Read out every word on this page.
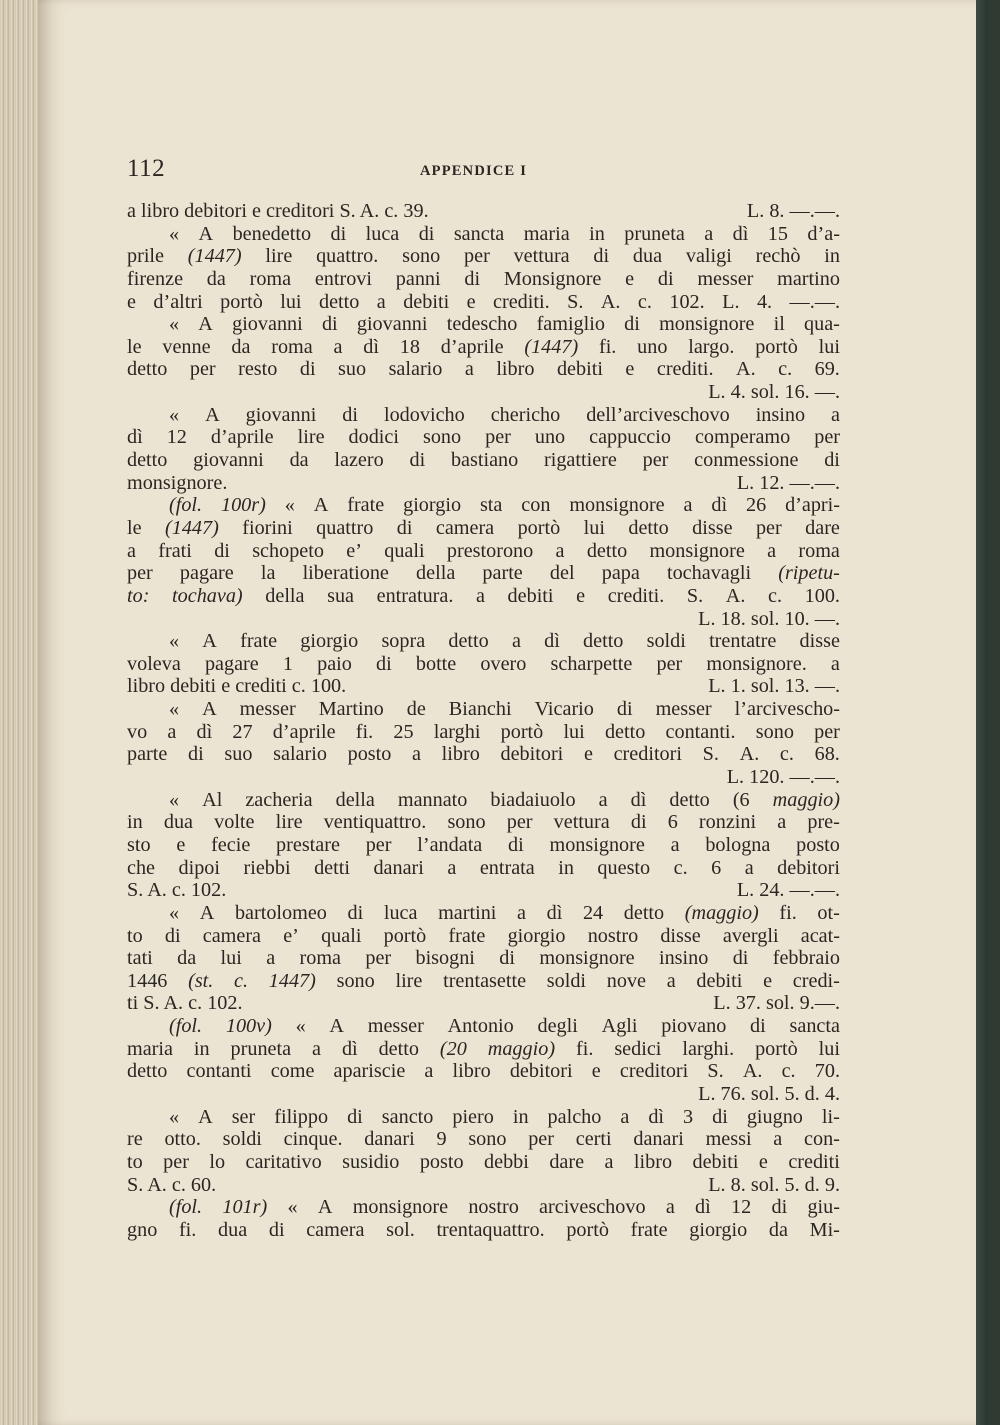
112	APPENDICE I
a libro debitori e creditori S. A. c. 39.	L. 8. —.—.
« A benedetto di luca di sancta maria in pruneta a dì 15 d’a-
prile (1447) lire quattro. sono per vettura di dua valigi rechò in
firenze da roma entrovi panni di Monsignore e di messer martino
e d’altri portò lui detto a debiti e crediti. S. A. c. 102. L. 4. —.—.
« A giovanni di giovanni tedescho famiglio di monsignore il qua-
le venne da roma a dì 18 d’aprile (1447) fi. uno largo. portò lui
detto per resto di suo salario a libro debiti e crediti. A. c. 69.
L. 4. sol. 16. —.
« A giovanni di lodovicho chericho dell’arciveschovo insino a
dì 12 d’aprile lire dodici sono per uno cappuccio comperamo per
detto giovanni da lazero di bastiano rigattiere per conmessione di
monsignore.	L. 12. —.—.
(fol. 100r) « A frate giorgio sta con monsignore a dì 26 d’apri-
le (1447) fiorini quattro di camera portò lui detto disse per dare
a frati di schopeto e’ quali prestorono a detto monsignore a roma
per pagare la liberatione della parte del papa tochavagli (ripetu-
to: tochava) della sua entratura. a debiti e crediti. S. A. c. 100.
L. 18. sol. 10. —.
« A frate giorgio sopra detto a dì detto soldi trentatre disse
voleva pagare 1 paio di botte overo scharpette per monsignore. a
libro debiti e crediti c. 100.	L. 1. sol. 13. —.
« A messer Martino de Bianchi Vicario di messer l’arciveschо-
vo a dì 27 d’aprile fi. 25 larghi portò lui detto contanti. sono per
parte di suo salario posto a libro debitori e creditori S. A. c. 68.
L. 120. —.—.
« Al zacheria della mannato biadaiuolo a dì detto (6 maggio)
in dua volte lire ventiquattro. sono per vettura di 6 ronzini a pre-
sto e fecie prestare per l’andata di monsignore a bologna posto
che dipoi riebbi detti danari a entrata in questo c. 6 a debitori
S. A. c. 102.	L. 24. —.—.
« A bartolomeo di luca martini a dì 24 detto (maggio) fi. ot-
to di camera e’ quali portò frate giorgio nostro disse avergli acat-
tati da lui a roma per bisogni di monsignore insino di febbraio
1446 (st. c. 1447) sono lire trentasette soldi nove a debiti e credi-
ti S. A. c. 102.	L. 37. sol. 9.—.
(fol. 100v) « A messer Antonio degli Agli piovano di sancta
maria in pruneta a dì detto (20 maggio) fi. sedici larghi. portò lui
detto contanti come apariscie a libro debitori e creditori S. A. c. 70.
L. 76. sol. 5. d. 4.
« A ser filippo di sancto piero in palcho a dì 3 di giugno li-
re otto. soldi cinque. danari 9 sono per certi danari messi a con-
to per lo caritativo susidio posto debbi dare a libro debiti e crediti
S. A. c. 60.	L. 8. sol. 5. d. 9.
(fol. 101r) « A monsignore nostro arciveschovo a dì 12 di giu-
gno fi. dua di camera sol. trentaquattro. portò frate giorgio da Mi-
